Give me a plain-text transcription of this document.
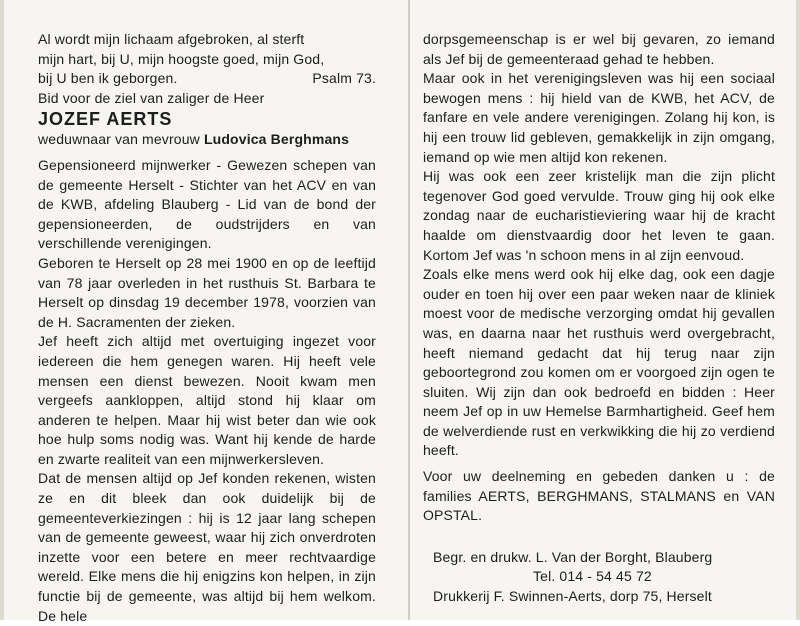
Al wordt mijn lichaam afgebroken, al sterft

mijn hart, bij U, mijn hoogste goed, mijn God,

bij U ben ik geborgen.	Psalm 73.

Bid voor de ziel van zaliger de Heer

JOZEF AERTS

weduwnaar van mevrouw Ludovica Berghmans

Gepensioneerd mijnwerker - Gewezen schepen van de gemeente Herselt - Stichter van het ACV en van de KWB, afdeling Blauberg - Lid van de bond der gepensioneerden, de oudstrijders en van verschillende verenigingen.

Geboren te Herselt op 28 mei 1900 en op de leeftijd van 78 jaar overleden in het rusthuis St. Barbara te Herselt op dinsdag 19 december 1978, voorzien van de H. Sacramenten der zieken.

Jef heeft zich altijd met overtuiging ingezet voor iedereen die hem genegen waren. Hij heeft vele mensen een dienst bewezen. Nooit kwam men vergeefs aankloppen, altijd stond hij klaar om anderen te helpen. Maar hij wist beter dan wie ook hoe hulp soms nodig was. Want hij kende de harde en zwarte realiteit van een mijnwerkersleven.

Dat de mensen altijd op Jef konden rekenen, wisten ze en dit bleek dan ook duidelijk bij de gemeenteverkiezingen : hij is 12 jaar lang schepen van de gemeente geweest, waar hij zich onverdroten inzette voor een betere en meer rechtvaardige wereld. Elke mens die hij enigzins kon helpen, in zijn functie bij de gemeente, was altijd bij hem welkom. De hele

dorpsgemeenschap is er wel bij gevaren, zo iemand als Jef bij de gemeenteraad gehad te hebben.

Maar ook in het verenigingsleven was hij een sociaal bewogen mens : hij hield van de KWB, het ACV, de fanfare en vele andere verenigingen. Zolang hij kon, is hij een trouw lid gebleven, gemakkelijk in zijn omgang, iemand op wie men altijd kon rekenen.

Hij was ook een zeer kristelijk man die zijn plicht tegenover God goed vervulde. Trouw ging hij ook elke zondag naar de eucharistieviering waar hij de kracht haalde om dienstvaardig door het leven te gaan. Kortom Jef was 'n schoon mens in al zijn eenvoud.

Zoals elke mens werd ook hij elke dag, ook een dagje ouder en toen hij over een paar weken naar de kliniek moest voor de medische verzorging omdat hij gevallen was, en daarna naar het rusthuis werd overgebracht, heeft niemand gedacht dat hij terug naar zijn geboortegrond zou komen om er voorgoed zijn ogen te sluiten. Wij zijn dan ook bedroefd en bidden : Heer neem Jef op in uw Hemelse Barmhartigheid. Geef hem de welverdiende rust en verkwikking die hij zo verdiend heeft.

Voor uw deelneming en gebeden danken u : de families AERTS, BERGHMANS, STALMANS en VAN OPSTAL.

Begr. en drukw. L. Van der Borght, Blauberg
Tel. 014 - 54 45 72
Drukkerij F. Swinnen-Aerts, dorp 75, Herselt
